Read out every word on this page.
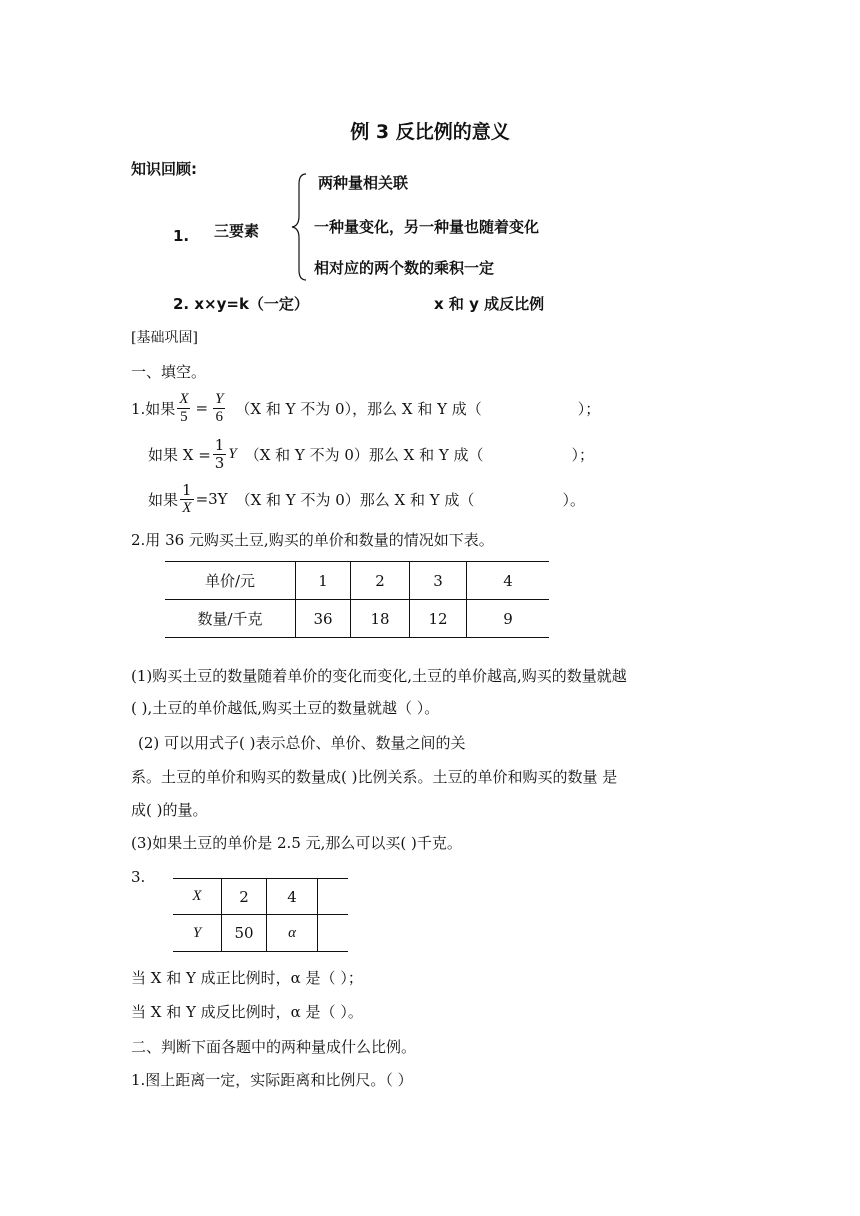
例 3 反比例的意义
知识回顾:
1. 三要素
两种量相关联
一种量变化，另一种量也随着变化
相对应的两个数的乘积一定
2. x×y=k（一定）	x 和 y 成反比例
[基础巩固]
一、填空。
1.如果 $\frac{X}{5} = \frac{Y}{6} (X$ 和 Y 不为 0），那么 X 和 Y 成（	）；
如果 $X = \frac{1}{3}$ Y （X 和 Y 不为 0）那么 X 和 Y 成（	）；
如果 $\frac{1}{X} =3Y$ （X 和 Y 不为 0）那么 X 和 Y 成（	）。
2.用 36 元购买土豆,购买的单价和数量的情况如下表。
单价/元	1	2	3	4
数量/千克	36	18	12	9
(1)购买土豆的数量随着单价的变化而变化,土豆的单价越高,购买的数量就越
( ),土豆的单价越低,购买土豆的数量就越（ ）。
(2) 可以用式子( )表示总价、单价、数量之间的关
系。土豆的单价和购买的数量成( )比例关系。土豆的单价和购买的数量 是
成( )的量。
(3)如果土豆的单价是 2.5 元,那么可以买( )千克。
3.
X	2	4	
Y	50	α	
当 X 和 Y 成正比例时，α 是（ ）；
当 X 和 Y 成反比例时，α 是（ ）。
二、判断下面各题中的两种量成什么比例。
1.图上距离一定，实际距离和比例尺。（ ）
